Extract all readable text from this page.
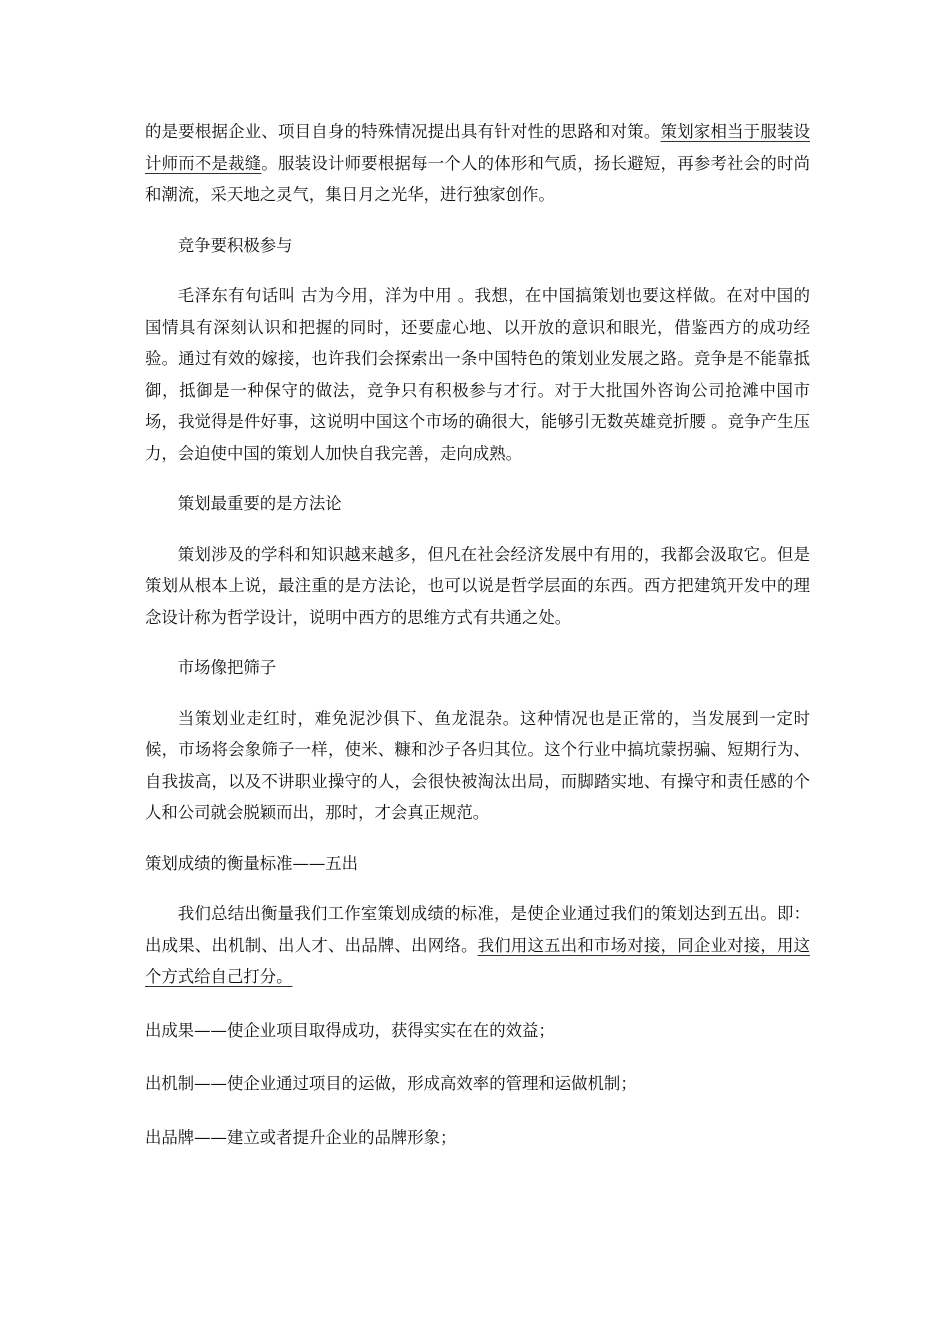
的是要根据企业、项目自身的特殊情况提出具有针对性的思路和对策。策划家相当于服装设计师而不是裁缝。服装设计师要根据每一个人的体形和气质，扬长避短，再参考社会的时尚和潮流，采天地之灵气，集日月之光华，进行独家创作。

竞争要积极参与

毛泽东有句话叫 古为今用，洋为中用 。我想，在中国搞策划也要这样做。在对中国的国情具有深刻认识和把握的同时，还要虚心地、以开放的意识和眼光，借鉴西方的成功经验。通过有效的嫁接，也许我们会探索出一条中国特色的策划业发展之路。竞争是不能靠抵御，抵御是一种保守的做法，竞争只有积极参与才行。对于大批国外咨询公司抢滩中国市场，我觉得是件好事，这说明中国这个市场的确很大，能够引无数英雄竞折腰 。竞争产生压力，会迫使中国的策划人加快自我完善，走向成熟。

策划最重要的是方法论

策划涉及的学科和知识越来越多，但凡在社会经济发展中有用的，我都会汲取它。但是策划从根本上说，最注重的是方法论，也可以说是哲学层面的东西。西方把建筑开发中的理念设计称为哲学设计，说明中西方的思维方式有共通之处。

市场像把筛子

当策划业走红时，难免泥沙俱下、鱼龙混杂。这种情况也是正常的，当发展到一定时候，市场将会象筛子一样，使米、糠和沙子各归其位。这个行业中搞坑蒙拐骗、短期行为、自我拔高，以及不讲职业操守的人，会很快被淘汰出局，而脚踏实地、有操守和责任感的个人和公司就会脱颖而出，那时，才会真正规范。

策划成绩的衡量标准——五出

我们总结出衡量我们工作室策划成绩的标准，是使企业通过我们的策划达到五出。即：出成果、出机制、出人才、出品牌、出网络。我们用这五出和市场对接，同企业对接，用这个方式给自己打分。

出成果——使企业项目取得成功，获得实实在在的效益；

出机制——使企业通过项目的运做，形成高效率的管理和运做机制；

出品牌——建立或者提升企业的品牌形象；
